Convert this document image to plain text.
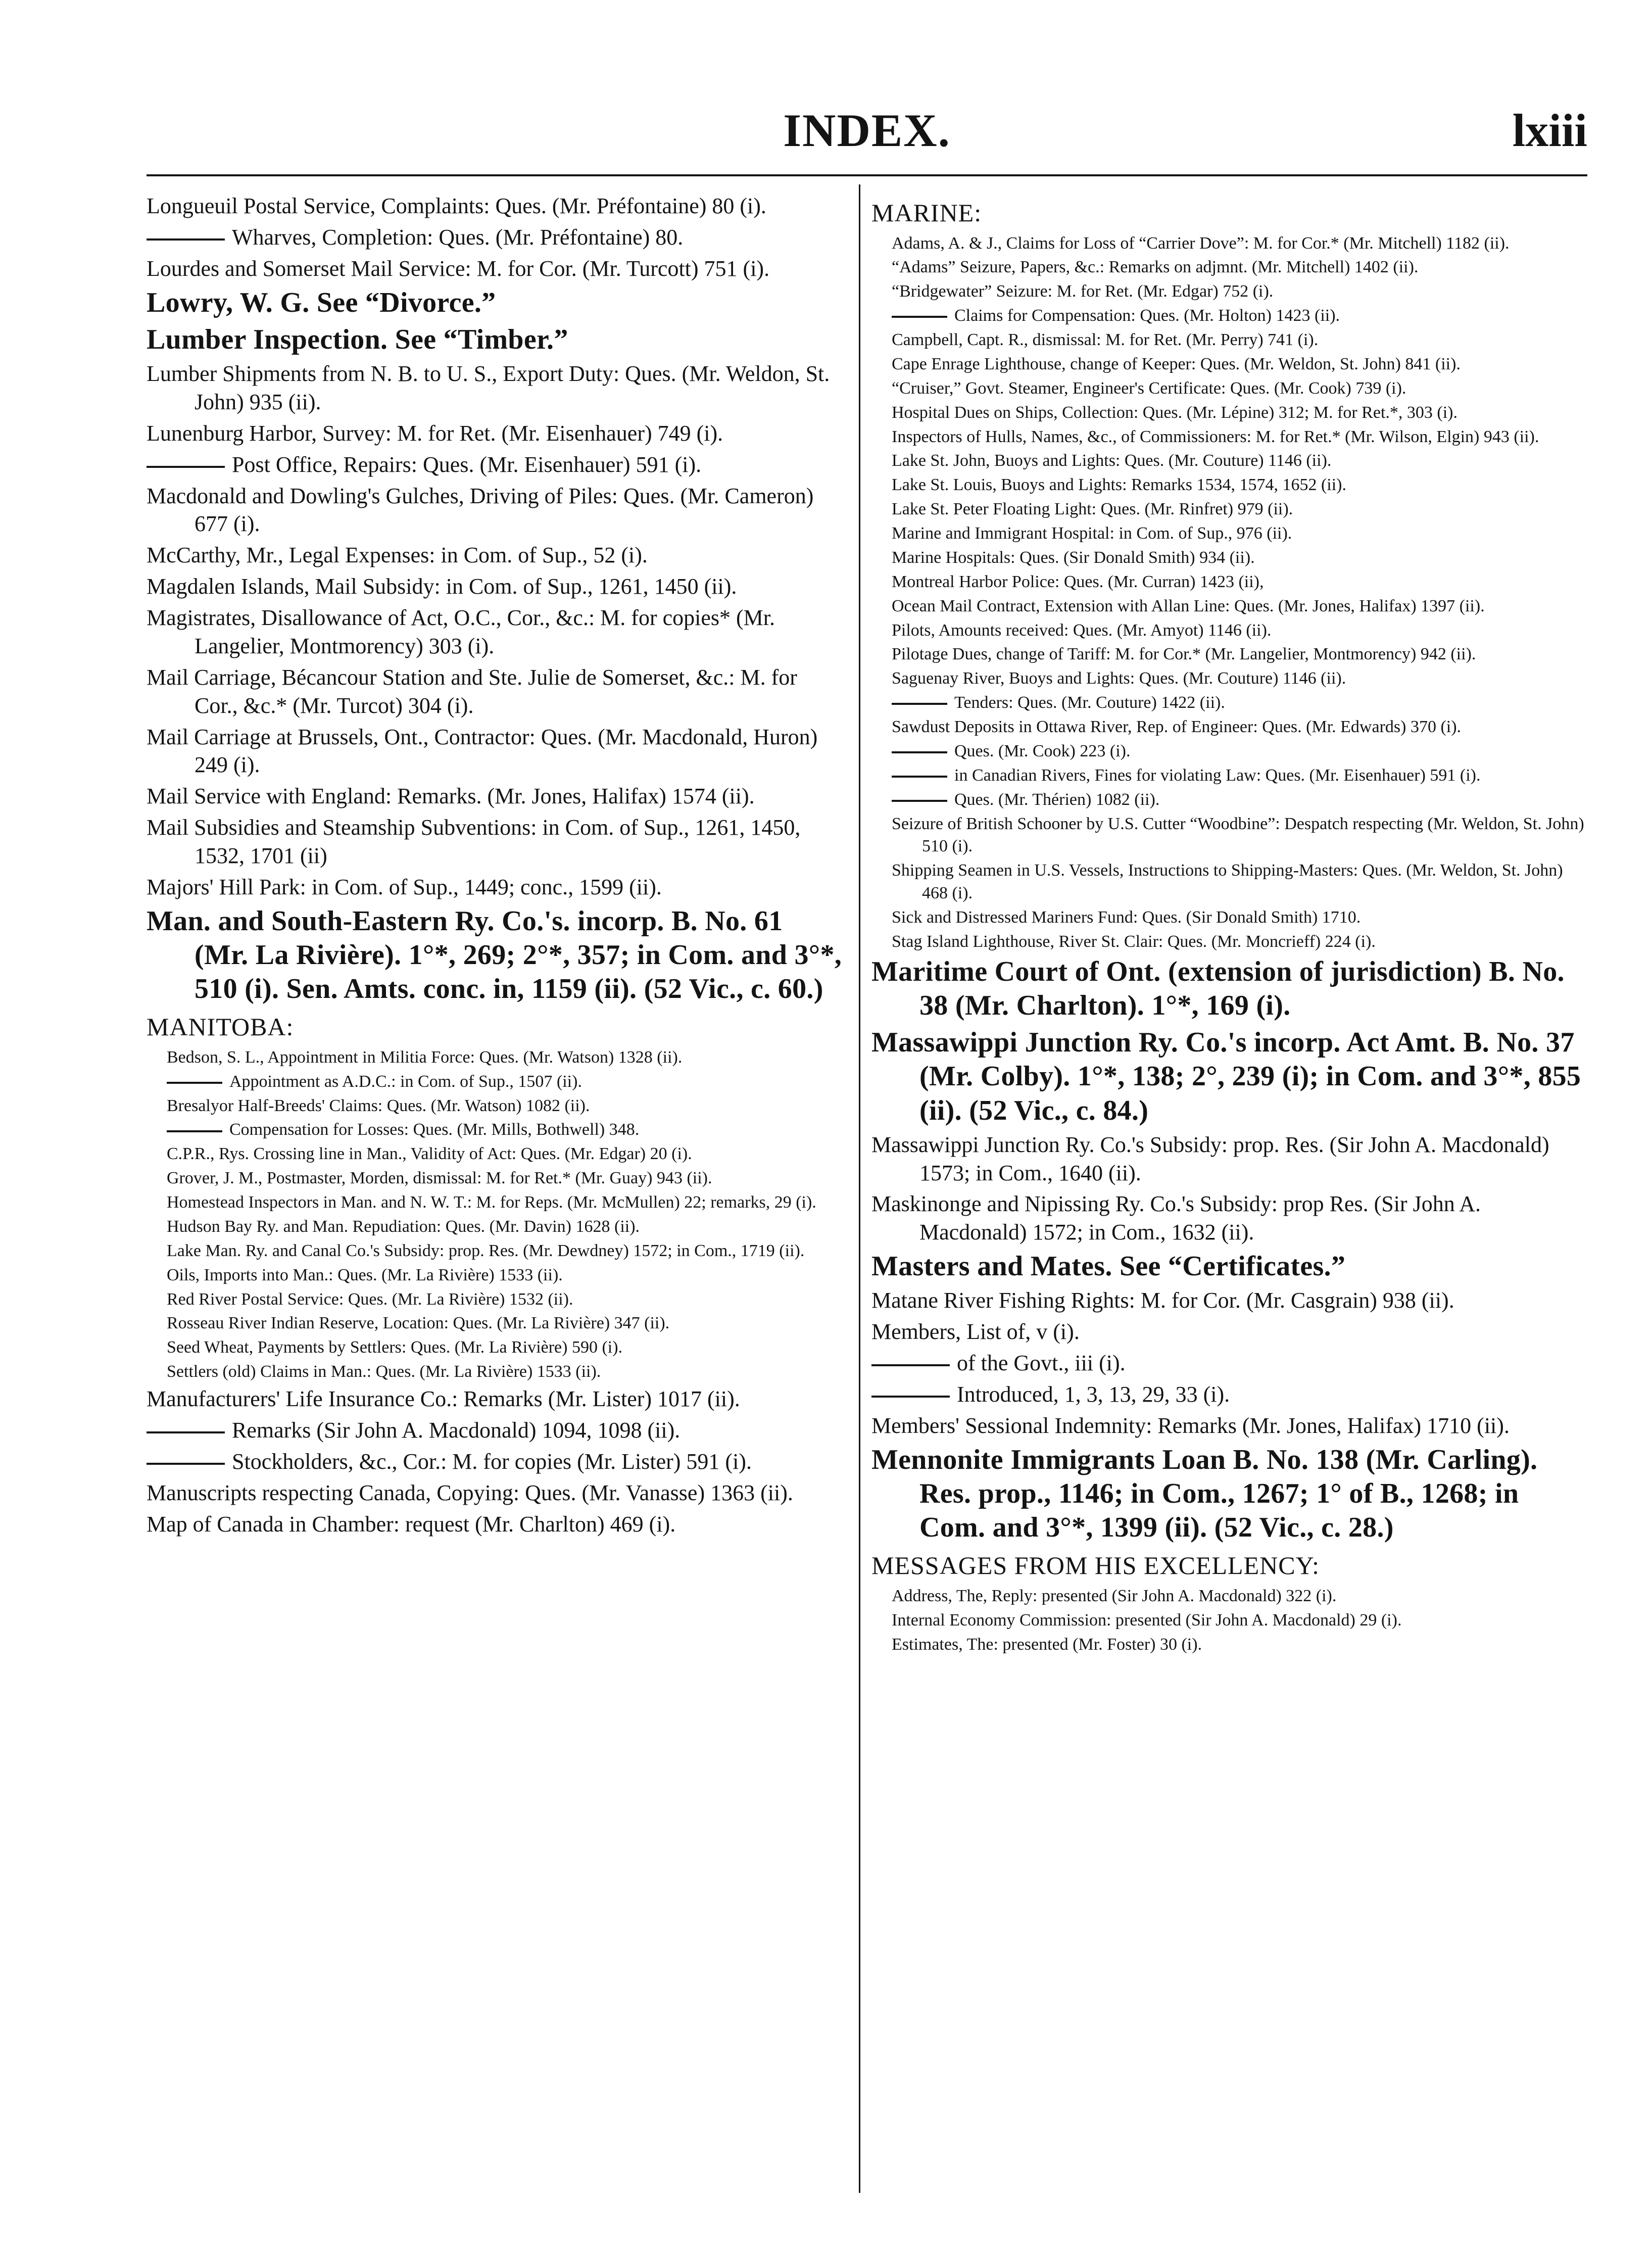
INDEX.	lxiii

Longueuil Postal Service, Complaints: Ques. (Mr. Préfontaine) 80 (i).

Wharves, Completion: Ques. (Mr. Préfontaine) 80.

Lourdes and Somerset Mail Service: M. for Cor. (Mr. Turcott) 751 (i).

Lowry, W. G. See “Divorce.”

Lumber Inspection. See “Timber.”

Lumber Shipments from N. B. to U. S., Export Duty: Ques. (Mr. Weldon, St. John) 935 (ii).

Lunenburg Harbor, Survey: M. for Ret. (Mr. Eisenhauer) 749 (i).

Post Office, Repairs: Ques. (Mr. Eisenhauer) 591 (i).

Macdonald and Dowling's Gulches, Driving of Piles: Ques. (Mr. Cameron) 677 (i).

McCarthy, Mr., Legal Expenses: in Com. of Sup., 52 (i).

Magdalen Islands, Mail Subsidy: in Com. of Sup., 1261, 1450 (ii).

Magistrates, Disallowance of Act, O.C., Cor., &c.: M. for copies* (Mr. Langelier, Montmorency) 303 (i).

Mail Carriage, Bécancour Station and Ste. Julie de Somerset, &c.: M. for Cor., &c.* (Mr. Turcot) 304 (i).

Mail Carriage at Brussels, Ont., Contractor: Ques. (Mr. Macdonald, Huron) 249 (i).

Mail Service with England: Remarks. (Mr. Jones, Halifax) 1574 (ii).

Mail Subsidies and Steamship Subventions: in Com. of Sup., 1261, 1450, 1532, 1701 (ii)

Majors' Hill Park: in Com. of Sup., 1449; conc., 1599 (ii).

Man. and South-Eastern Ry. Co.'s. incorp. B. No. 61 (Mr. La Rivière). 1°*, 269; 2°*, 357; in Com. and 3°*, 510 (i). Sen. Amts. conc. in, 1159 (ii). (52 Vic., c. 60.)

MANITOBA:

Bedson, S. L., Appointment in Militia Force: Ques. (Mr. Watson) 1328 (ii).

Appointment as A.D.C.: in Com. of Sup., 1507 (ii).

Bresalyor Half-Breeds' Claims: Ques. (Mr. Watson) 1082 (ii).

Compensation for Losses: Ques. (Mr. Mills, Bothwell) 348.

C.P.R., Rys. Crossing line in Man., Validity of Act: Ques. (Mr. Edgar) 20 (i).

Grover, J. M., Postmaster, Morden, dismissal: M. for Ret.* (Mr. Guay) 943 (ii).

Homestead Inspectors in Man. and N. W. T.: M. for Reps. (Mr. McMullen) 22; remarks, 29 (i).

Hudson Bay Ry. and Man. Repudiation: Ques. (Mr. Davin) 1628 (ii).

Lake Man. Ry. and Canal Co.'s Subsidy: prop. Res. (Mr. Dewdney) 1572; in Com., 1719 (ii).

Oils, Imports into Man.: Ques. (Mr. La Rivière) 1533 (ii).

Red River Postal Service: Ques. (Mr. La Rivière) 1532 (ii).

Rosseau River Indian Reserve, Location: Ques. (Mr. La Rivière) 347 (ii).

Seed Wheat, Payments by Settlers: Ques. (Mr. La Rivière) 590 (i).

Settlers (old) Claims in Man.: Ques. (Mr. La Rivière) 1533 (ii).

Manufacturers' Life Insurance Co.: Remarks (Mr. Lister) 1017 (ii).

Remarks (Sir John A. Macdonald) 1094, 1098 (ii).

Stockholders, &c., Cor.: M. for copies (Mr. Lister) 591 (i).

Manuscripts respecting Canada, Copying: Ques. (Mr. Vanasse) 1363 (ii).

Map of Canada in Chamber: request (Mr. Charlton) 469 (i).

MARINE:

Adams, A. & J., Claims for Loss of “Carrier Dove”: M. for Cor.* (Mr. Mitchell) 1182 (ii).

“Adams” Seizure, Papers, &c.: Remarks on adjmnt. (Mr. Mitchell) 1402 (ii).

“Bridgewater” Seizure: M. for Ret. (Mr. Edgar) 752 (i).

Claims for Compensation: Ques. (Mr. Holton) 1423 (ii).

Campbell, Capt. R., dismissal: M. for Ret. (Mr. Perry) 741 (i).

Cape Enrage Lighthouse, change of Keeper: Ques. (Mr. Weldon, St. John) 841 (ii).

“Cruiser,” Govt. Steamer, Engineer's Certificate: Ques. (Mr. Cook) 739 (i).

Hospital Dues on Ships, Collection: Ques. (Mr. Lépine) 312; M. for Ret.*, 303 (i).

Inspectors of Hulls, Names, &c., of Commissioners: M. for Ret.* (Mr. Wilson, Elgin) 943 (ii).

Lake St. John, Buoys and Lights: Ques. (Mr. Couture) 1146 (ii).

Lake St. Louis, Buoys and Lights: Remarks 1534, 1574, 1652 (ii).

Lake St. Peter Floating Light: Ques. (Mr. Rinfret) 979 (ii).

Marine and Immigrant Hospital: in Com. of Sup., 976 (ii).

Marine Hospitals: Ques. (Sir Donald Smith) 934 (ii).

Montreal Harbor Police: Ques. (Mr. Curran) 1423 (ii),

Ocean Mail Contract, Extension with Allan Line: Ques. (Mr. Jones, Halifax) 1397 (ii).

Pilots, Amounts received: Ques. (Mr. Amyot) 1146 (ii).

Pilotage Dues, change of Tariff: M. for Cor.* (Mr. Langelier, Montmorency) 942 (ii).

Saguenay River, Buoys and Lights: Ques. (Mr. Couture) 1146 (ii).

Tenders: Ques. (Mr. Couture) 1422 (ii).

Sawdust Deposits in Ottawa River, Rep. of Engineer: Ques. (Mr. Edwards) 370 (i).

Ques. (Mr. Cook) 223 (i).

in Canadian Rivers, Fines for violating Law: Ques. (Mr. Eisenhauer) 591 (i).

Ques. (Mr. Thérien) 1082 (ii).

Seizure of British Schooner by U.S. Cutter “Woodbine”: Despatch respecting (Mr. Weldon, St. John) 510 (i).

Shipping Seamen in U.S. Vessels, Instructions to Shipping-Masters: Ques. (Mr. Weldon, St. John) 468 (i).

Sick and Distressed Mariners Fund: Ques. (Sir Donald Smith) 1710.

Stag Island Lighthouse, River St. Clair: Ques. (Mr. Moncrieff) 224 (i).

Maritime Court of Ont. (extension of jurisdiction) B. No. 38 (Mr. Charlton). 1°*, 169 (i).

Massawippi Junction Ry. Co.'s incorp. Act Amt. B. No. 37 (Mr. Colby). 1°*, 138; 2°, 239 (i); in Com. and 3°*, 855 (ii). (52 Vic., c. 84.)

Massawippi Junction Ry. Co.'s Subsidy: prop. Res. (Sir John A. Macdonald) 1573; in Com., 1640 (ii).

Maskinonge and Nipissing Ry. Co.'s Subsidy: prop Res. (Sir John A. Macdonald) 1572; in Com., 1632 (ii).

Masters and Mates. See “Certificates.”

Matane River Fishing Rights: M. for Cor. (Mr. Casgrain) 938 (ii).

Members, List of, v (i).

of the Govt., iii (i).

Introduced, 1, 3, 13, 29, 33 (i).

Members' Sessional Indemnity: Remarks (Mr. Jones, Halifax) 1710 (ii).

Mennonite Immigrants Loan B. No. 138 (Mr. Carling). Res. prop., 1146; in Com., 1267; 1° of B., 1268; in Com. and 3°*, 1399 (ii). (52 Vic., c. 28.)

MESSAGES FROM HIS EXCELLENCY:

Address, The, Reply: presented (Sir John A. Macdonald) 322 (i).

Internal Economy Commission: presented (Sir John A. Macdonald) 29 (i).

Estimates, The: presented (Mr. Foster) 30 (i).
